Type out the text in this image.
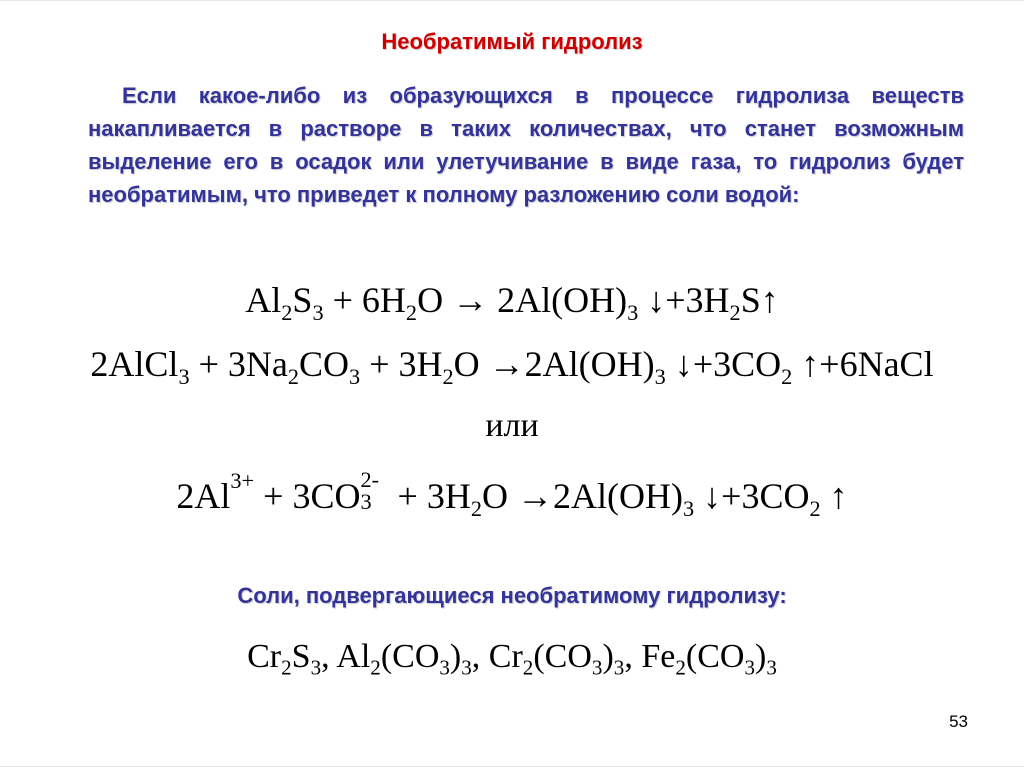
Необратимый гидролиз

Если какое-либо из образующихся в процессе гидролиза веществ накапливается в растворе в таких количествах, что станет возможным выделение его в осадок или улетучивание в виде газа, то гидролиз будет необратимым, что приведет к полному разложению соли водой:

$Al_2S_3 + 6H_2O \to 2Al(OH)_3$ $↓+3H_2S↑$
2AlCl$_3$ + $3Na_2CO_3 + 3H_2O \to 2Al(OH)_3$ $↓+3CO_2$ ↑+6NaCl
или
$2Al^{3+} + 3CO$ 2-
$3 + 3H_2O \to 2Al(OH)_3$ $↓+3CO_2$ ↑
Соли, подвергающиеся необратимому гидролизу:
$Cr_2S_3$, $Al_2(CO_3)_3$, $Cr_2(CO_3)_3$, $Fe_2(CO_3)_3$
53
